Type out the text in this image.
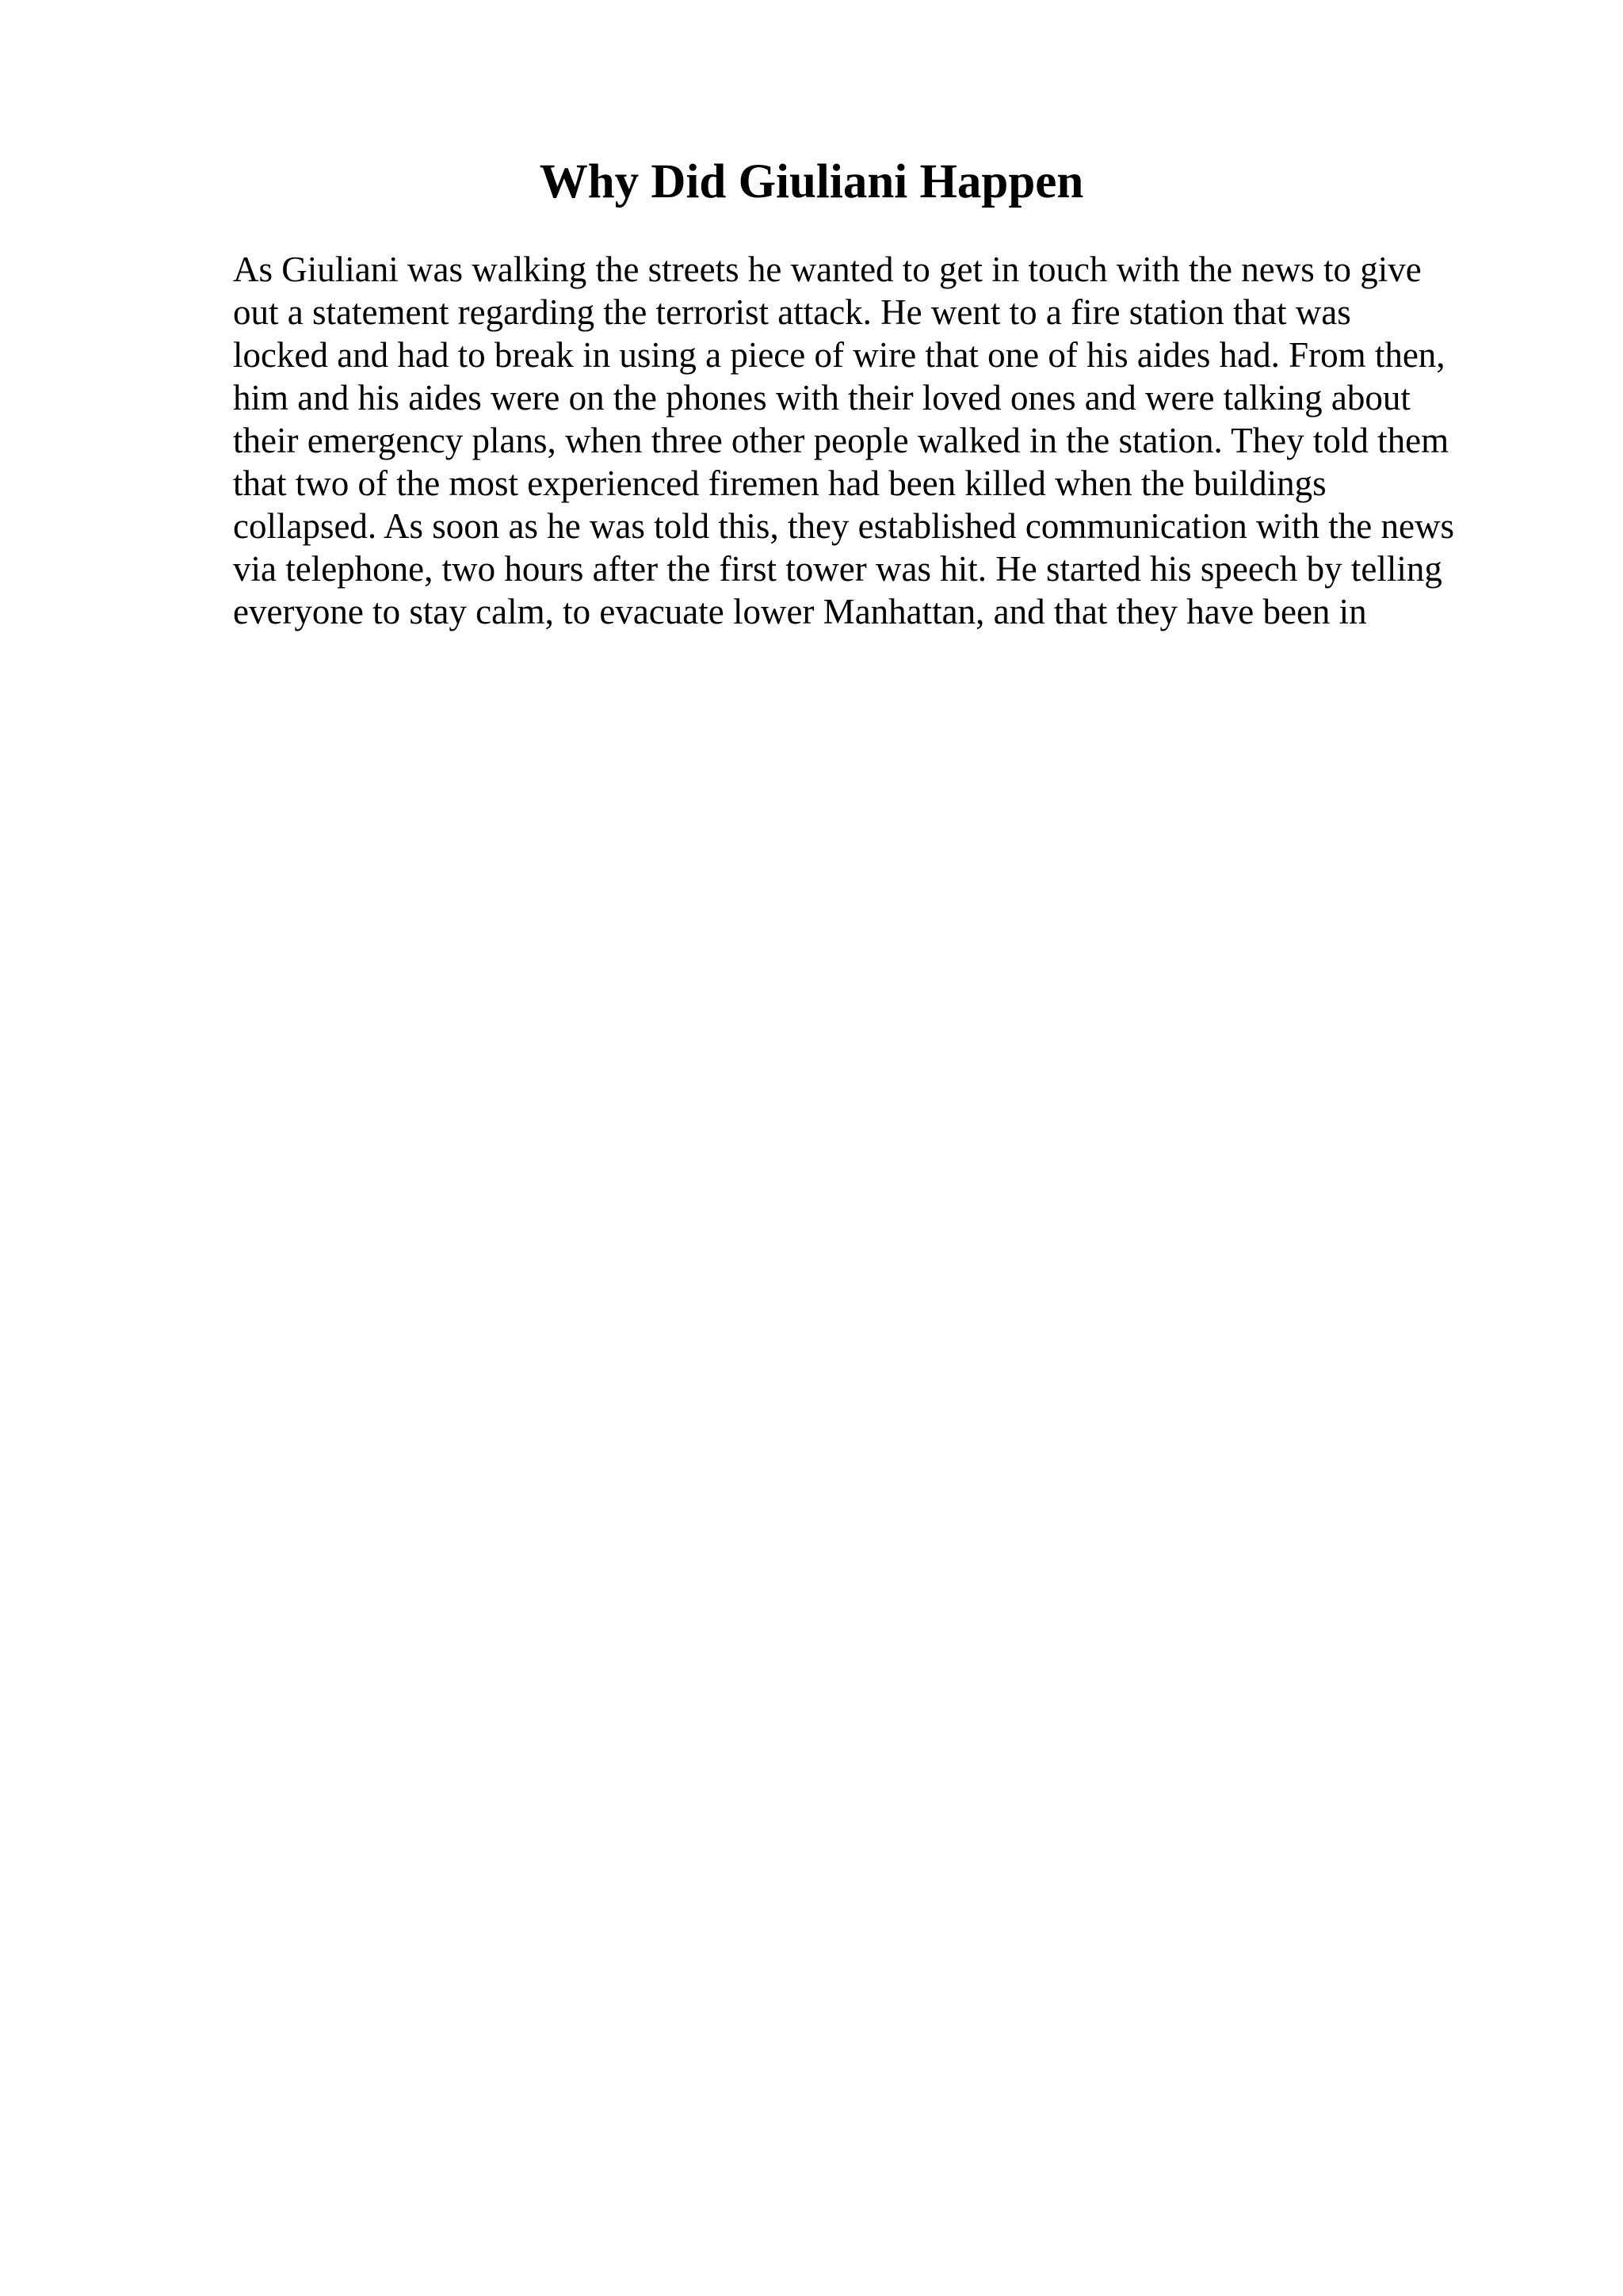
Why Did Giuliani Happen
As Giuliani was walking the streets he wanted to get in touch with the news to give
out a statement regarding the terrorist attack. He went to a fire station that was
locked and had to break in using a piece of wire that one of his aides had. From then,
him and his aides were on the phones with their loved ones and were talking about
their emergency plans, when three other people walked in the station. They told them
that two of the most experienced firemen had been killed when the buildings
collapsed. As soon as he was told this, they established communication with the news
via telephone, two hours after the first tower was hit. He started his speech by telling
everyone to stay calm, to evacuate lower Manhattan, and that they have been in
